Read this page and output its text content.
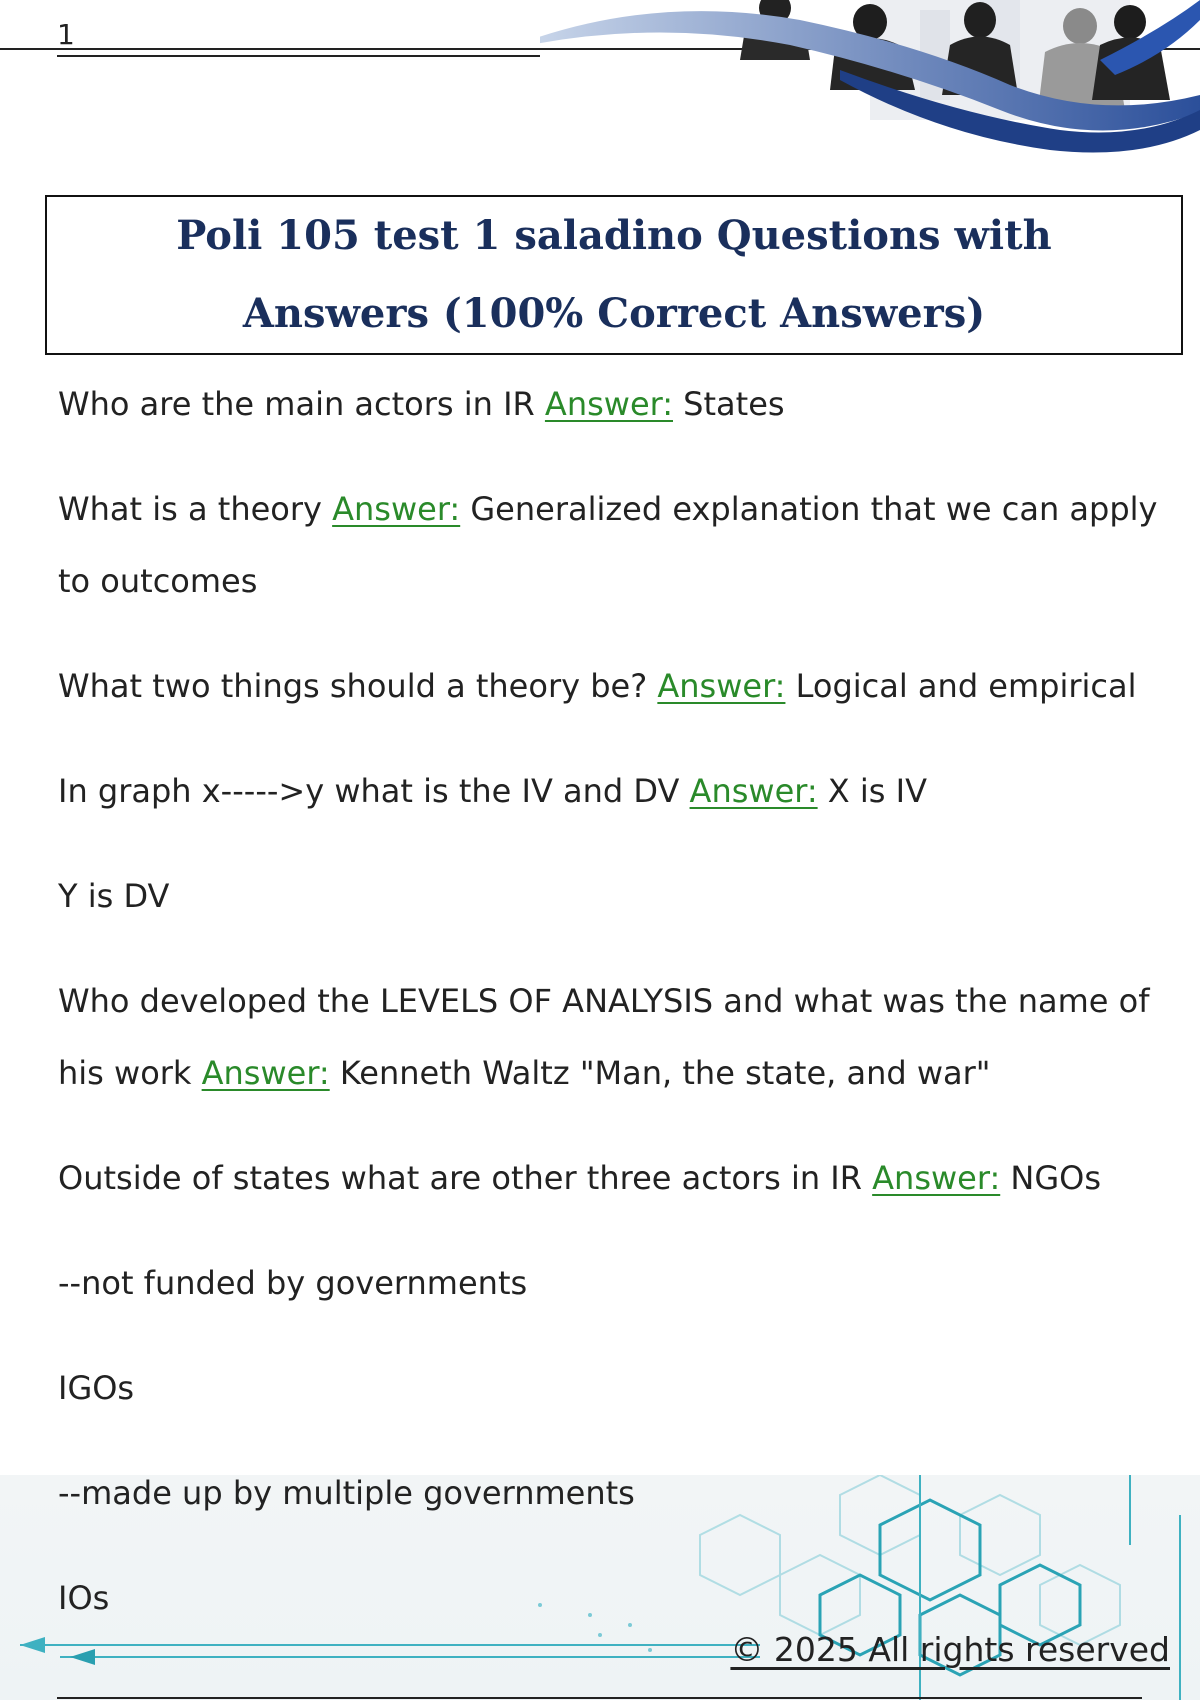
1
Poli 105 test 1 saladino Questions with Answers (100% Correct Answers)
Who are the main actors in IR Answer: States
What is a theory Answer: Generalized explanation that we can apply to outcomes
What two things should a theory be? Answer: Logical and empirical
In graph x----->y what is the IV and DV Answer: X is IV
Y is DV
Who developed the LEVELS OF ANALYSIS and what was the name of his work Answer: Kenneth Waltz "Man, the state, and war"
Outside of states what are other three actors in IR Answer: NGOs
--not funded by governments
IGOs
--made up by multiple governments
IOs
© 2025 All rights reserved
